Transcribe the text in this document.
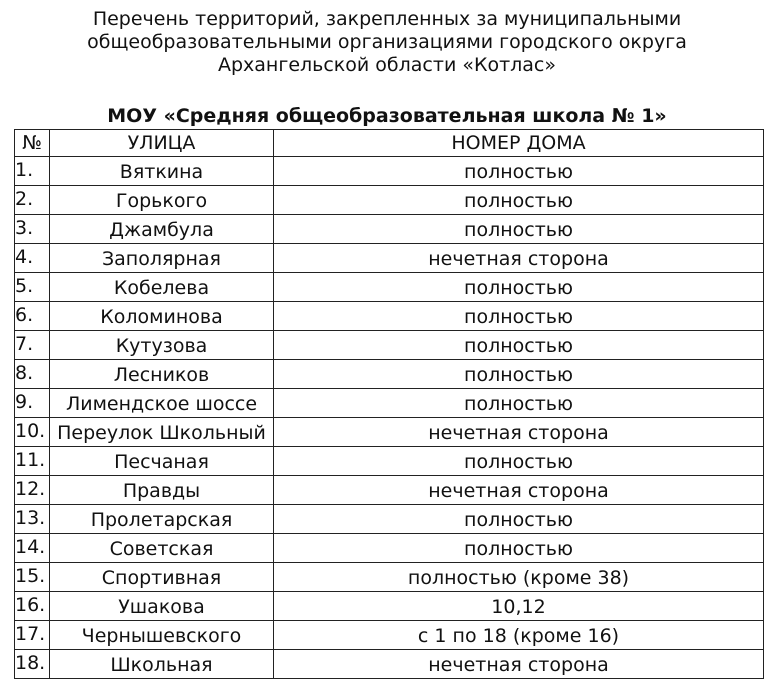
Перечень территорий, закрепленных за муниципальными
общеобразовательными организациями городского округа
Архангельской области «Котлас»
МОУ «Средняя общеобразовательная школа № 1»
№	УЛИЦА	НОМЕР ДОМА
1.	Вяткина	полностью
2.	Горького	полностью
3.	Джамбула	полностью
4.	Заполярная	нечетная сторона
5.	Кобелева	полностью
6.	Коломинова	полностью
7.	Кутузова	полностью
8.	Лесников	полностью
9.	Лимендское шоссе	полностью
10.	Переулок Школьный	нечетная сторона
11.	Песчаная	полностью
12.	Правды	нечетная сторона
13.	Пролетарская	полностью
14.	Советская	полностью
15.	Спортивная	полностью (кроме 38)
16.	Ушакова	10,12
17.	Чернышевского	с 1 по 18 (кроме 16)
18.	Школьная	нечетная сторона
